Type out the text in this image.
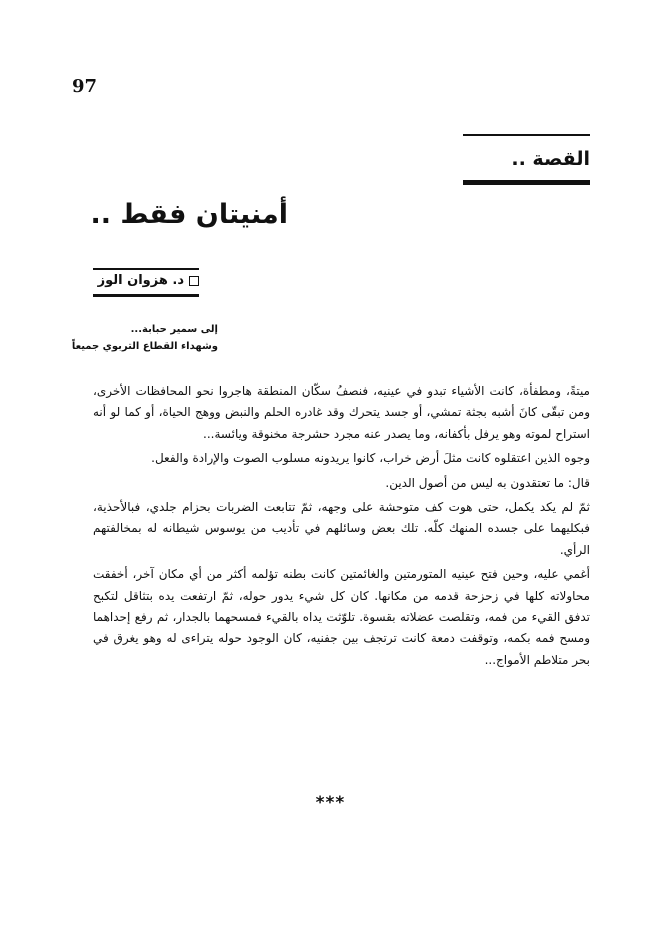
97
القصة ..
أمنيتان فقط ..
د. هزوان الوز
إلى سمير حبابة...
وشهداء القطاع التربوي جميعاً

ميتةً، ومطفأة، كانت الأشياء تبدو في عينيه، فنصفُ سكّان المنطقة هاجروا نحو المحافظات الأخرى، ومن تبقّى كانَ أشبه بجثة تمشي، أو جسد يتحرك وقد غادره الحلم والنبض ووهج الحياة، أو كما لو أنه استراح لموته وهو يرفل بأكفانه، وما يصدر عنه مجرد حشرجة مخنوقة ويائسة...

وجوه الذين اعتقلوه كانت مثلَ أرض خراب، كانوا يريدونه مسلوب الصوت والإرادة والفعل.

قال: ما تعتقدون به ليس من أصول الدين.

ثمّ لم يكد يكمل، حتى هوت كف متوحشة على وجهه، ثمّ تتابعت الضربات بحزام جلدي، فبالأحذية، فبكليهما على جسده المنهك كلّه. تلك بعض وسائلهم في تأديب من يوسوس شيطانه له بمخالفتهم الرأي.

أغمي عليه، وحين فتح عينيه المتورمتين والغائمتين كانت بطنه تؤلمه أكثر من أي مكان آخر، أخفقت محاولاته كلها في زحزحة قدمه من مكانها. كان كل شيء يدور حوله، ثمّ ارتفعت يده بتثاقل لتكبح تدفق القيء من فمه، وتقلصت عضلاته بقسوة. تلوّثت يداه بالقيء فمسحهما بالجدار، ثم رفع إحداهما ومسح فمه بكمه، وتوقفت دمعة كانت ترتجف بين جفنيه، كان الوجود حوله يتراءى له وهو يغرق في بحر متلاطم الأمواج...

***
